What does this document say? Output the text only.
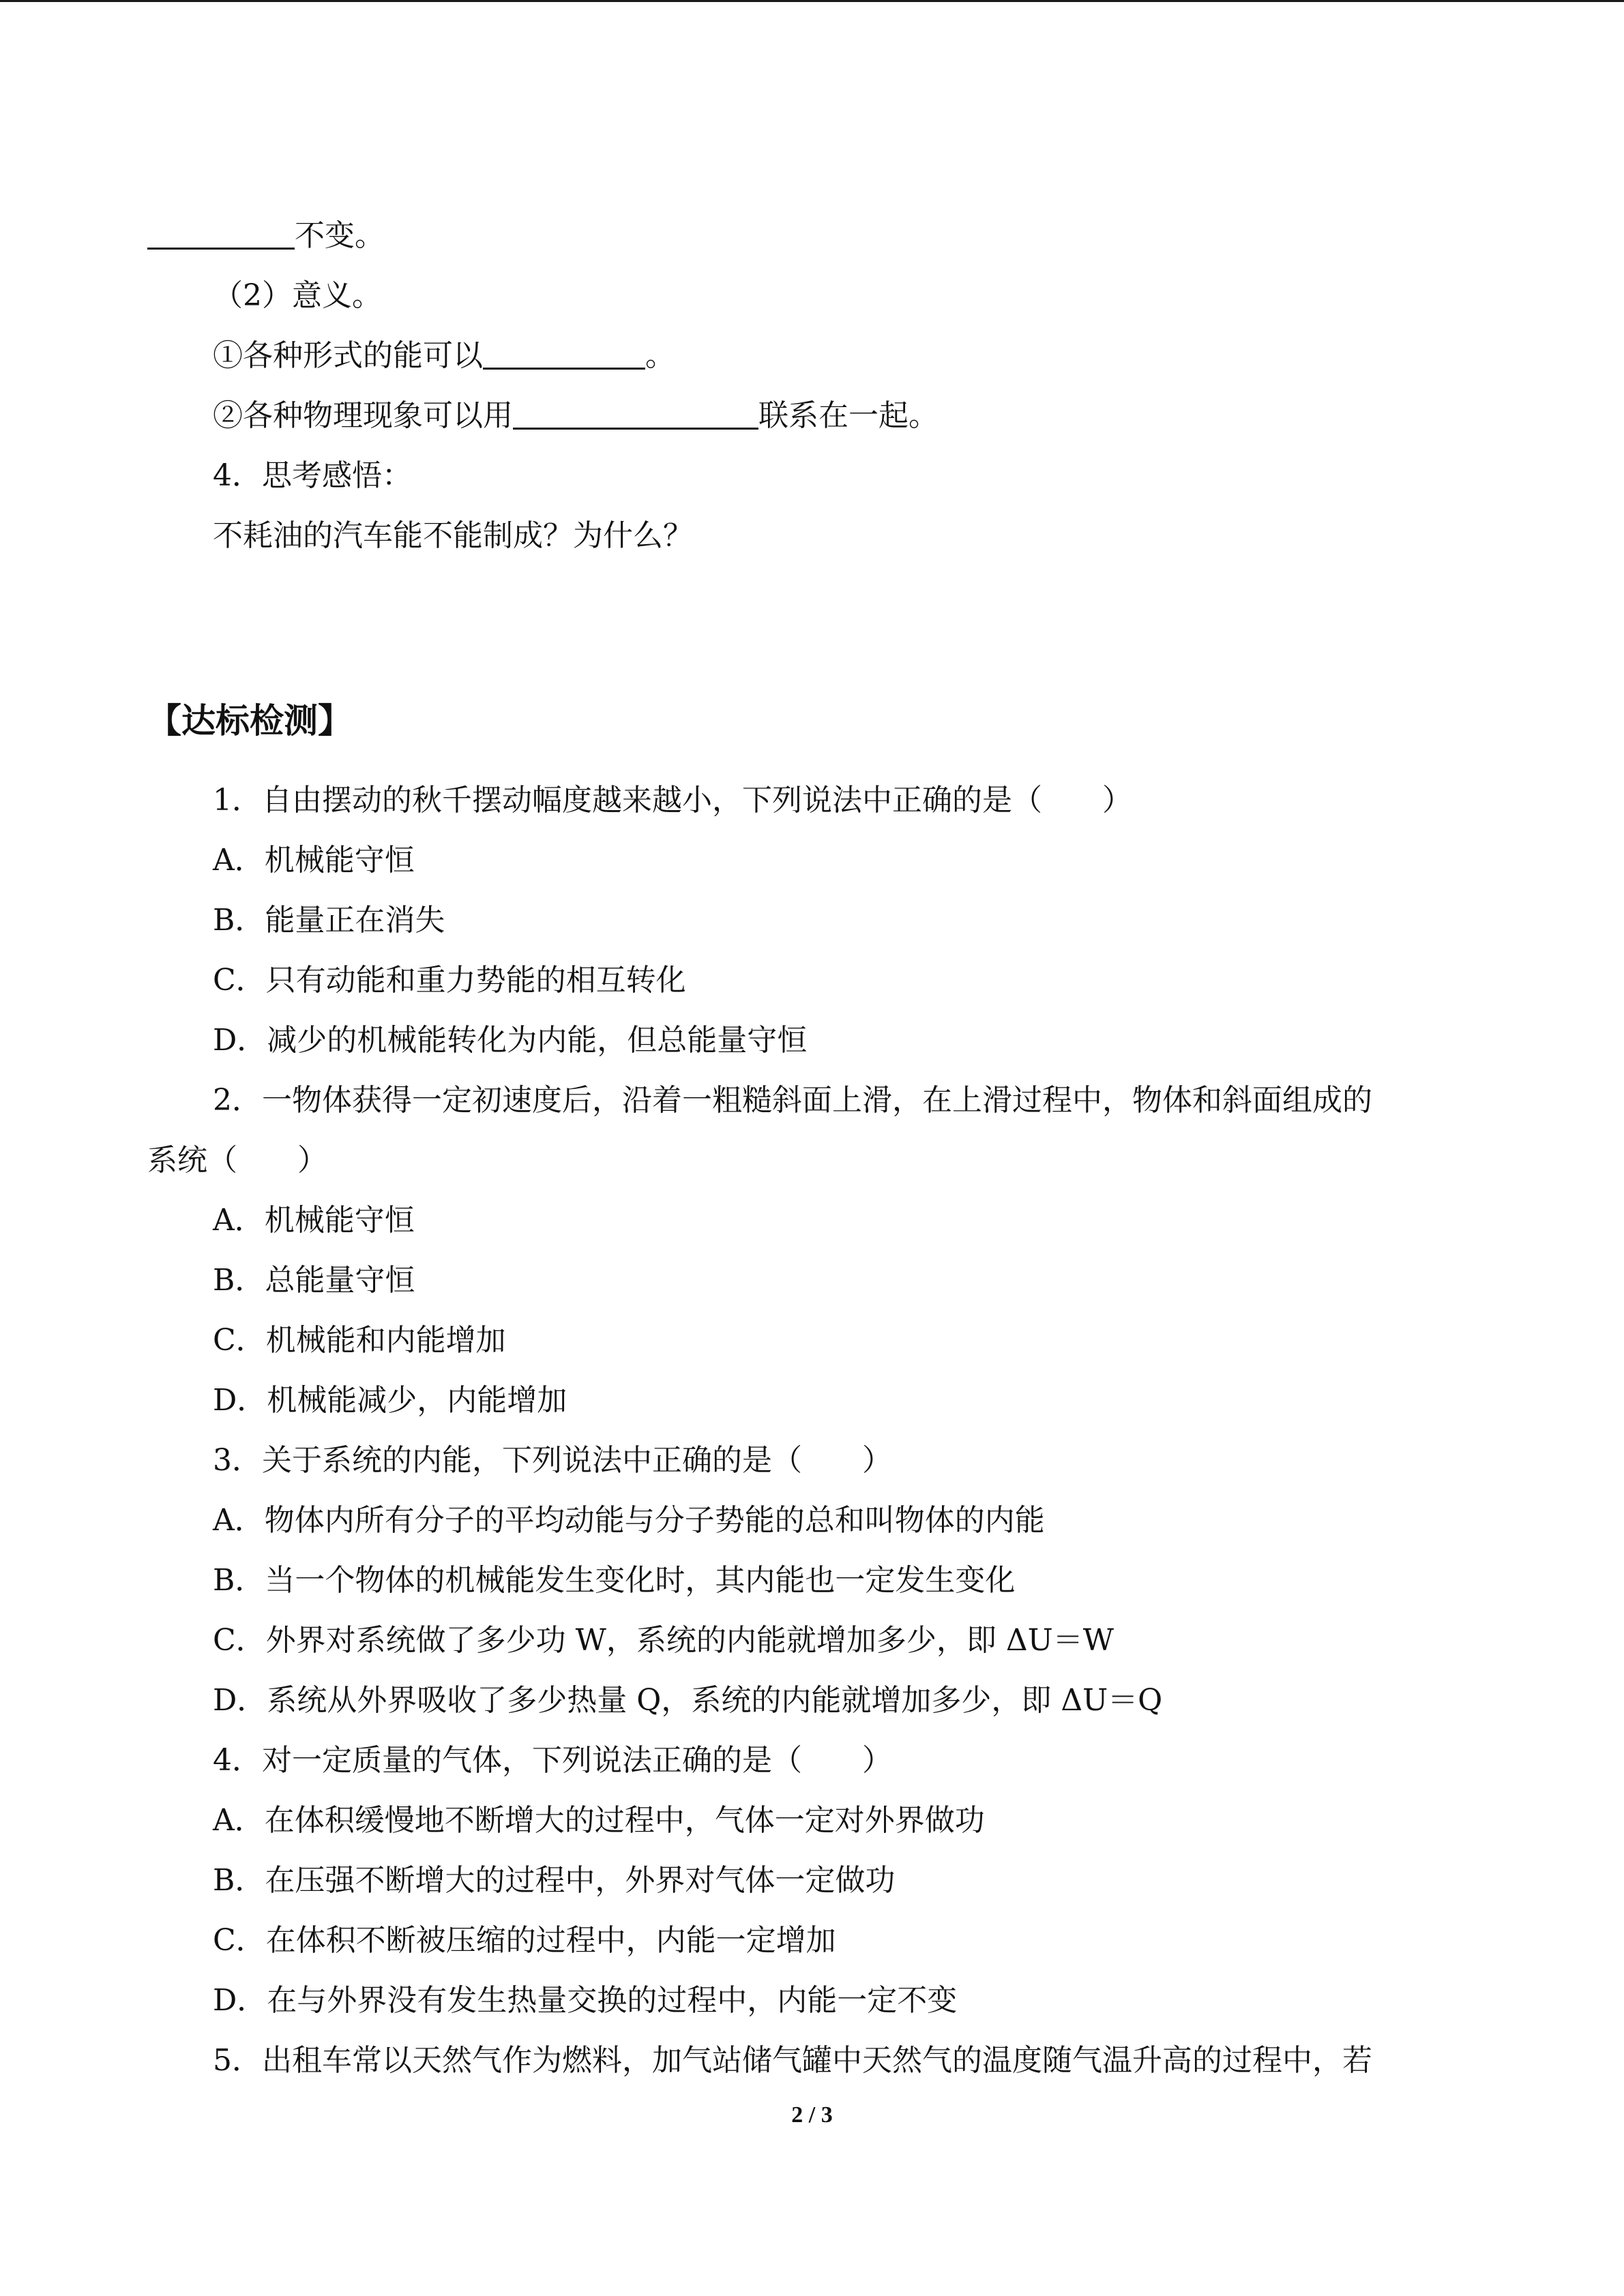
不变。
（2）意义。
①各种形式的能可以	。
②各种物理现象可以用	联系在一起。
4．思考感悟：
不耗油的汽车能不能制成？为什么？
【达标检测】
1．自由摆动的秋千摆动幅度越来越小，下列说法中正确的是（　　）
A．机械能守恒
B．能量正在消失
C．只有动能和重力势能的相互转化
D．减少的机械能转化为内能，但总能量守恒
2．一物体获得一定初速度后，沿着一粗糙斜面上滑，在上滑过程中，物体和斜面组成的
系统（　　）
A．机械能守恒
B．总能量守恒
C．机械能和内能增加
D．机械能减少，内能增加
3．关于系统的内能，下列说法中正确的是（　　）
A．物体内所有分子的平均动能与分子势能的总和叫物体的内能
B．当一个物体的机械能发生变化时，其内能也一定发生变化
C．外界对系统做了多少功 W，系统的内能就增加多少，即 ΔU＝W
D．系统从外界吸收了多少热量 Q，系统的内能就增加多少，即 ΔU＝Q
4．对一定质量的气体，下列说法正确的是（　　）
A．在体积缓慢地不断增大的过程中，气体一定对外界做功
B．在压强不断增大的过程中，外界对气体一定做功
C．在体积不断被压缩的过程中，内能一定增加
D．在与外界没有发生热量交换的过程中，内能一定不变
5．出租车常以天然气作为燃料，加气站储气罐中天然气的温度随气温升高的过程中，若
2 / 3
